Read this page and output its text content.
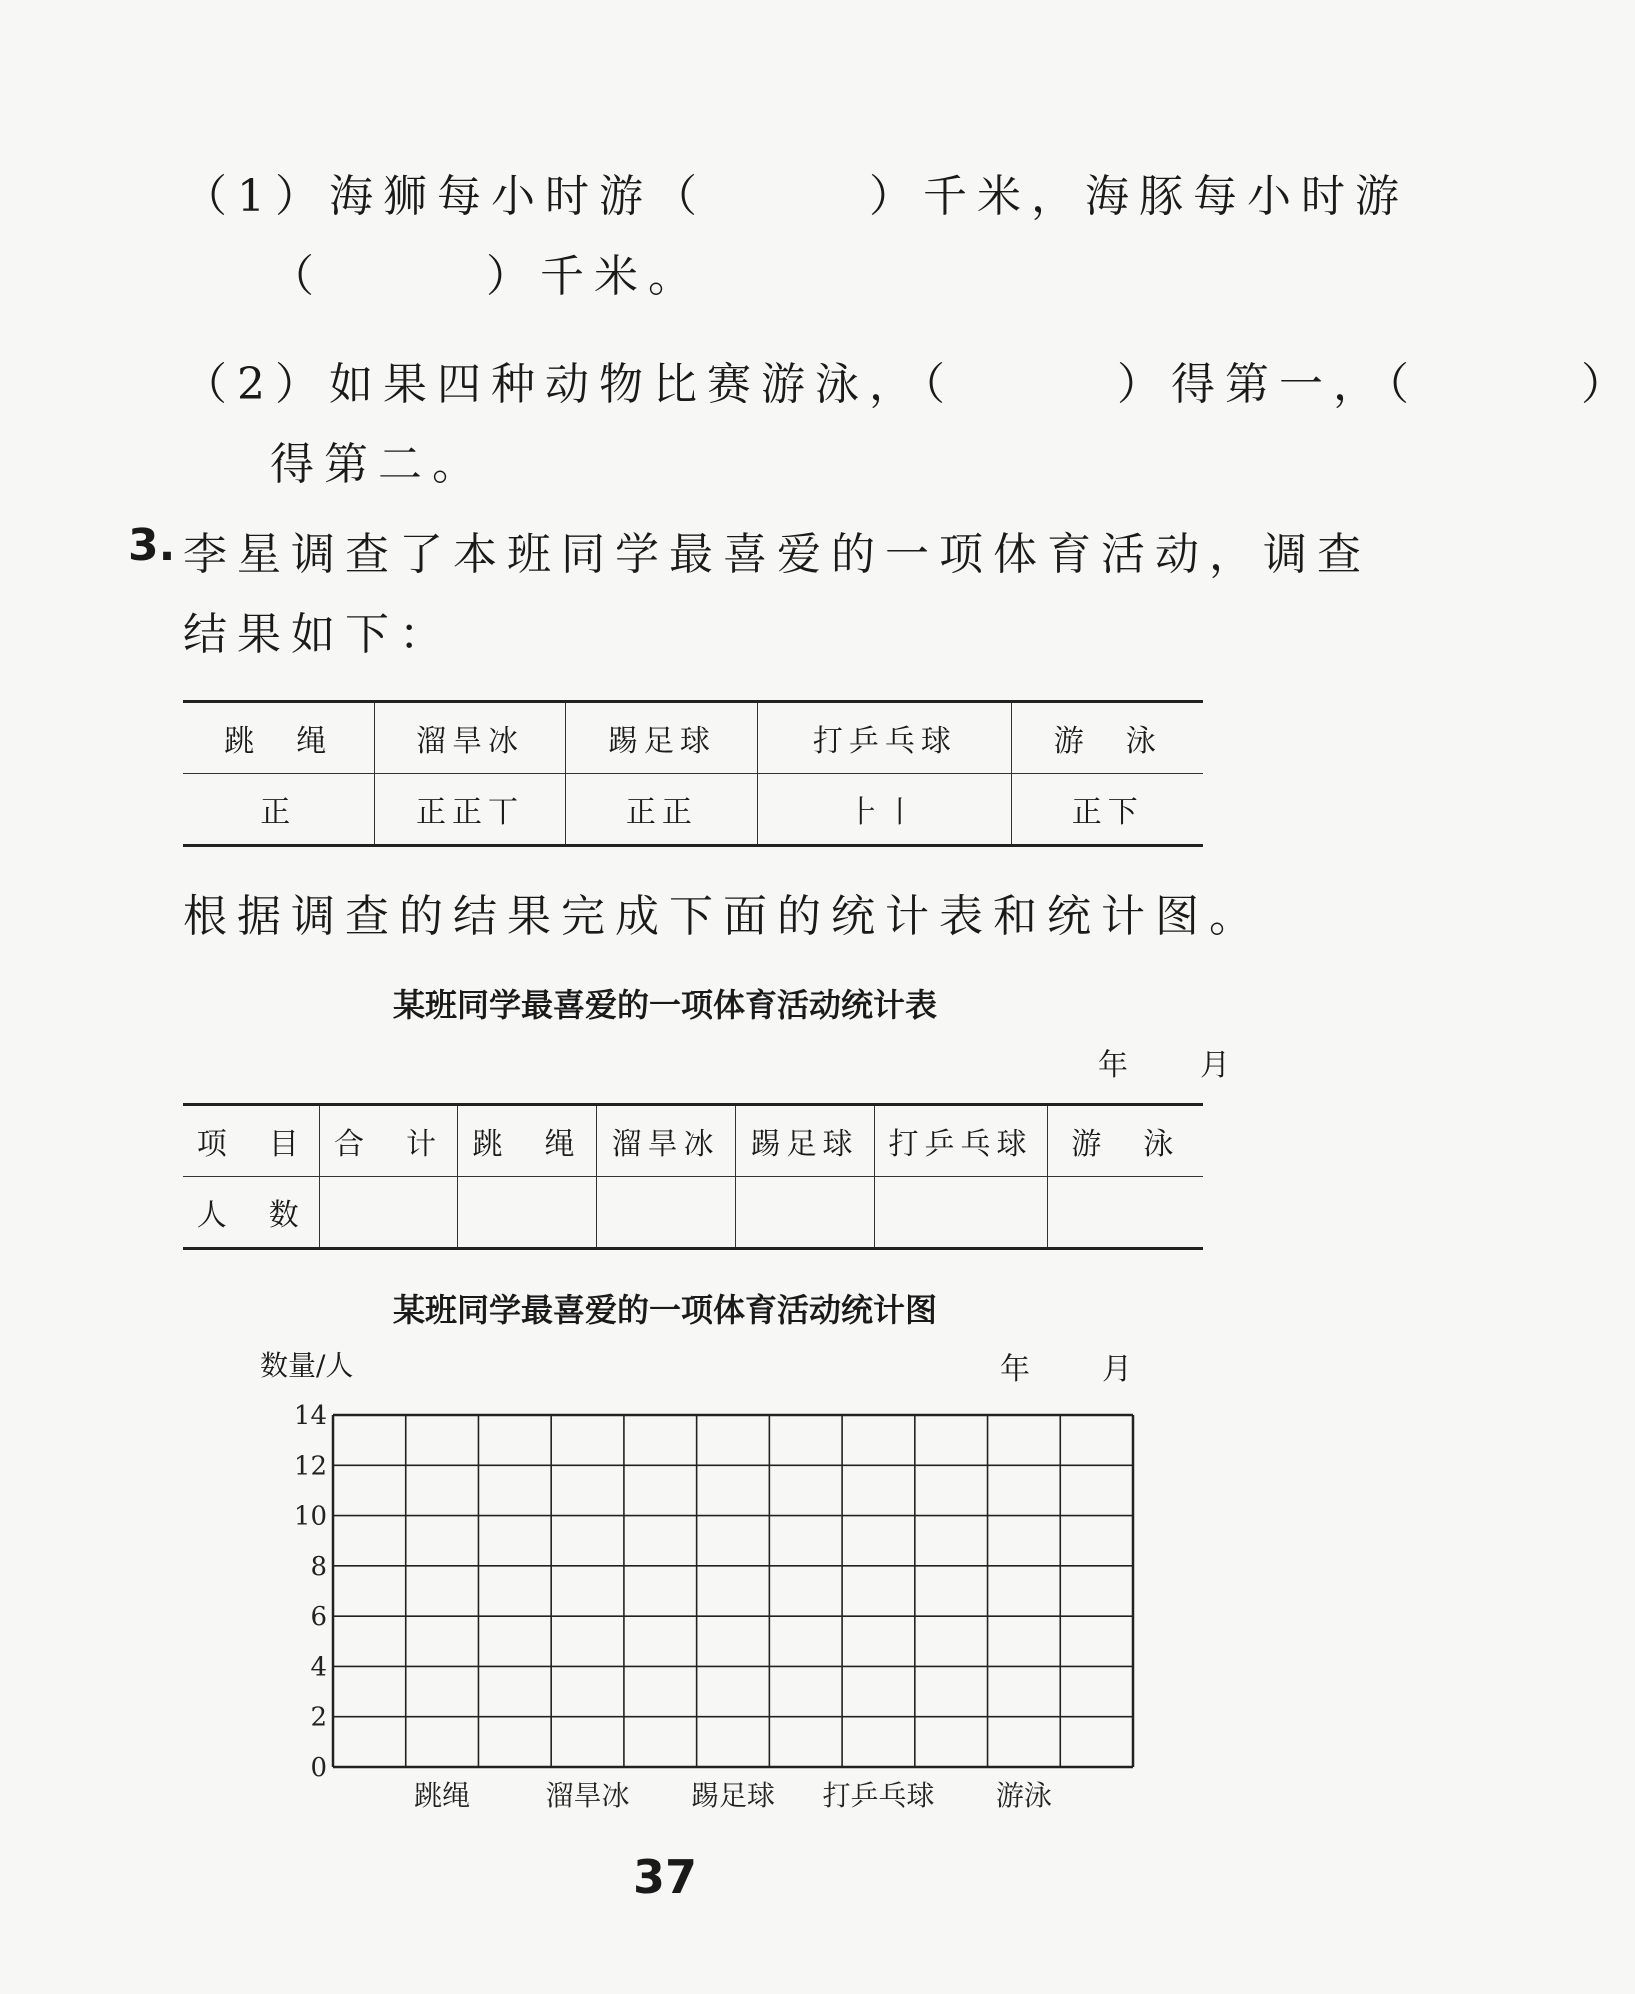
（1）海狮每小时游（　　　）千米，海豚每小时游
（　　　）千米。
（2）如果四种动物比赛游泳，（　　　）得第一，（　　　）
得第二。
3. 李星调查了本班同学最喜爱的一项体育活动，调查
结果如下：
跳　绳	溜旱冰	踢足球	打乒乓球	游　泳
正	正正丅	正正	⺊⼁	正下
根据调查的结果完成下面的统计表和统计图。
某班同学最喜爱的一项体育活动统计表
年　　月
项　目	合　计	跳　绳	溜旱冰	踢足球	打乒乓球	游　泳
人　数						
某班同学最喜爱的一项体育活动统计图
数量/人	年　　月
0
2
4
6
8
10
12
14
跳绳	溜旱冰 踢足球 打乒乓球 游泳
37
